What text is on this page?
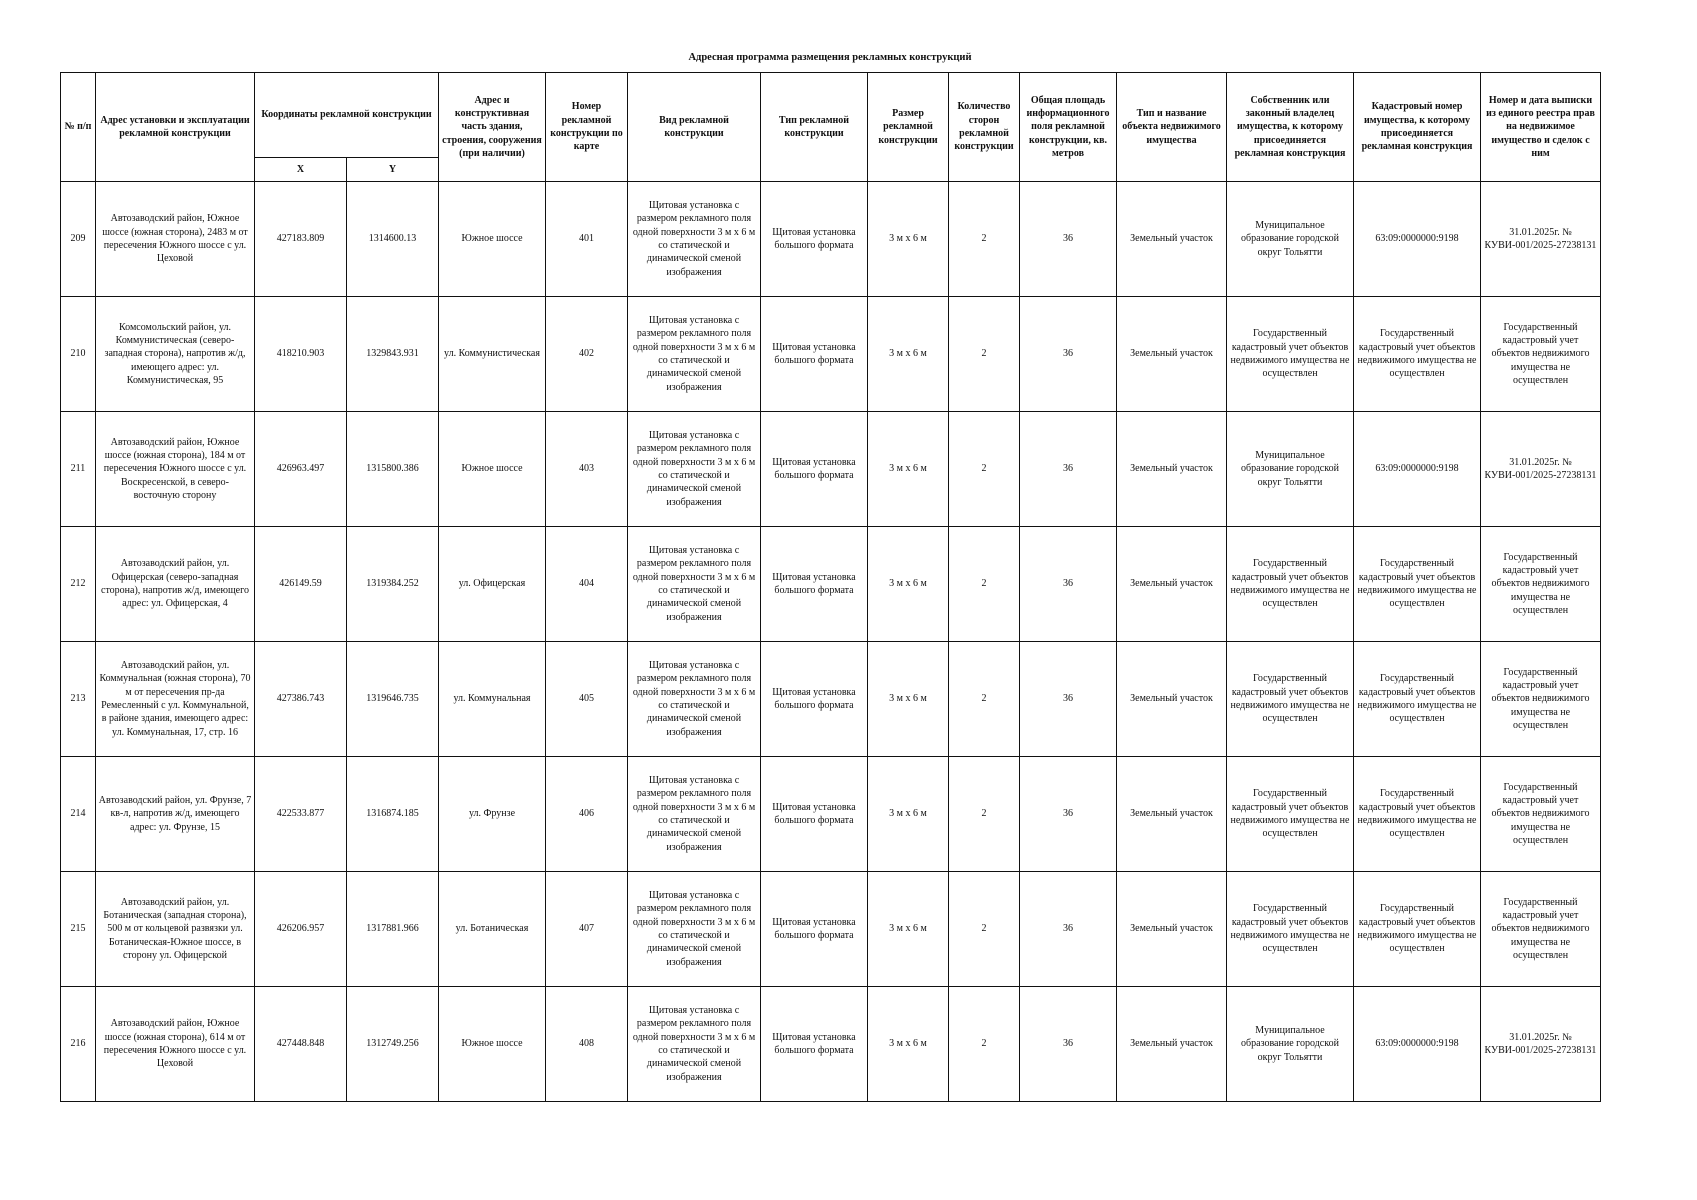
Адресная программа размещения рекламных конструкций
№ п/п	Адрес установки и эксплуатации рекламной конструкции	Координаты рекламной конструкции		Адрес и конструктивная часть здания, строения, сооружения (при наличии)	Номер рекламной конструкции по карте	Вид рекламной конструкции	Тип рекламной конструкции	Размер рекламной конструкции	Количество сторон рекламной конструкции	Общая площадь информационного поля рекламной конструкции, кв. метров	Тип и название объекта недвижимого имущества	Собственник или законный владелец имущества, к которому присоединяется рекламная конструкция	Кадастровый номер имущества, к которому присоединяется рекламная конструкция	Номер и дата выписки из единого реестра прав на недвижимое имущество и сделок с ним
		X	Y											
209	Автозаводский район, Южное шоссе (южная сторона), 2483 м от пересечения Южного шоссе с ул. Цеховой	427183.809	1314600.13	Южное шоссе	401	Щитовая установка с размером рекламного поля одной поверхности 3 м х 6 м со статической и динамической сменой изображения	Щитовая установка большого формата	3 м х 6 м	2	36	Земельный участок	Муниципальное образование городской округ Тольятти	63:09:0000000:9198	31.01.2025г. № КУВИ-001/2025-27238131
210	Комсомольский район, ул. Коммунистическая (северо-западная сторона), напротив ж/д, имеющего адрес: ул. Коммунистическая, 95	418210.903	1329843.931	ул. Коммунистическая	402	Щитовая установка с размером рекламного поля одной поверхности 3 м х 6 м со статической и динамической сменой изображения	Щитовая установка большого формата	3 м х 6 м	2	36	Земельный участок	Государственный кадастровый учет объектов недвижимого имущества не осуществлен	Государственный кадастровый учет объектов недвижимого имущества не осуществлен	Государственный кадастровый учет объектов недвижимого имущества не осуществлен
211	Автозаводский район, Южное шоссе (южная сторона), 184 м от пересечения Южного шоссе с ул. Воскресенской, в северо-восточную сторону	426963.497	1315800.386	Южное шоссе	403	Щитовая установка с размером рекламного поля одной поверхности 3 м х 6 м со статической и динамической сменой изображения	Щитовая установка большого формата	3 м х 6 м	2	36	Земельный участок	Муниципальное образование городской округ Тольятти	63:09:0000000:9198	31.01.2025г. № КУВИ-001/2025-27238131
212	Автозаводский район, ул. Офицерская (северо-западная сторона), напротив ж/д, имеющего адрес: ул. Офицерская, 4	426149.59	1319384.252	ул. Офицерская	404	Щитовая установка с размером рекламного поля одной поверхности 3 м х 6 м со статической и динамической сменой изображения	Щитовая установка большого формата	3 м х 6 м	2	36	Земельный участок	Государственный кадастровый учет объектов недвижимого имущества не осуществлен	Государственный кадастровый учет объектов недвижимого имущества не осуществлен	Государственный кадастровый учет объектов недвижимого имущества не осуществлен
213	Автозаводский район, ул. Коммунальная (южная сторона), 70 м от пересечения пр-да Ремесленный с ул. Коммунальной, в районе здания, имеющего адрес: ул. Коммунальная, 17, стр. 16	427386.743	1319646.735	ул. Коммунальная	405	Щитовая установка с размером рекламного поля одной поверхности 3 м х 6 м со статической и динамической сменой изображения	Щитовая установка большого формата	3 м х 6 м	2	36	Земельный участок	Государственный кадастровый учет объектов недвижимого имущества не осуществлен	Государственный кадастровый учет объектов недвижимого имущества не осуществлен	Государственный кадастровый учет объектов недвижимого имущества не осуществлен
214	Автозаводский район, ул. Фрунзе, 7 кв-л, напротив ж/д, имеющего адрес: ул. Фрунзе, 15	422533.877	1316874.185	ул. Фрунзе	406	Щитовая установка с размером рекламного поля одной поверхности 3 м х 6 м со статической и динамической сменой изображения	Щитовая установка большого формата	3 м х 6 м	2	36	Земельный участок	Государственный кадастровый учет объектов недвижимого имущества не осуществлен	Государственный кадастровый учет объектов недвижимого имущества не осуществлен	Государственный кадастровый учет объектов недвижимого имущества не осуществлен
215	Автозаводский район, ул. Ботаническая (западная сторона), 500 м от кольцевой развязки ул. Ботаническая-Южное шоссе, в сторону ул. Офицерской	426206.957	1317881.966	ул. Ботаническая	407	Щитовая установка с размером рекламного поля одной поверхности 3 м х 6 м со статической и динамической сменой изображения	Щитовая установка большого формата	3 м х 6 м	2	36	Земельный участок	Государственный кадастровый учет объектов недвижимого имущества не осуществлен	Государственный кадастровый учет объектов недвижимого имущества не осуществлен	Государственный кадастровый учет объектов недвижимого имущества не осуществлен
216	Автозаводский район, Южное шоссе (южная сторона), 614 м от пересечения Южного шоссе с ул. Цеховой	427448.848	1312749.256	Южное шоссе	408	Щитовая установка с размером рекламного поля одной поверхности 3 м х 6 м со статической и динамической сменой изображения	Щитовая установка большого формата	3 м х 6 м	2	36	Земельный участок	Муниципальное образование городской округ Тольятти	63:09:0000000:9198	31.01.2025г. № КУВИ-001/2025-27238131
